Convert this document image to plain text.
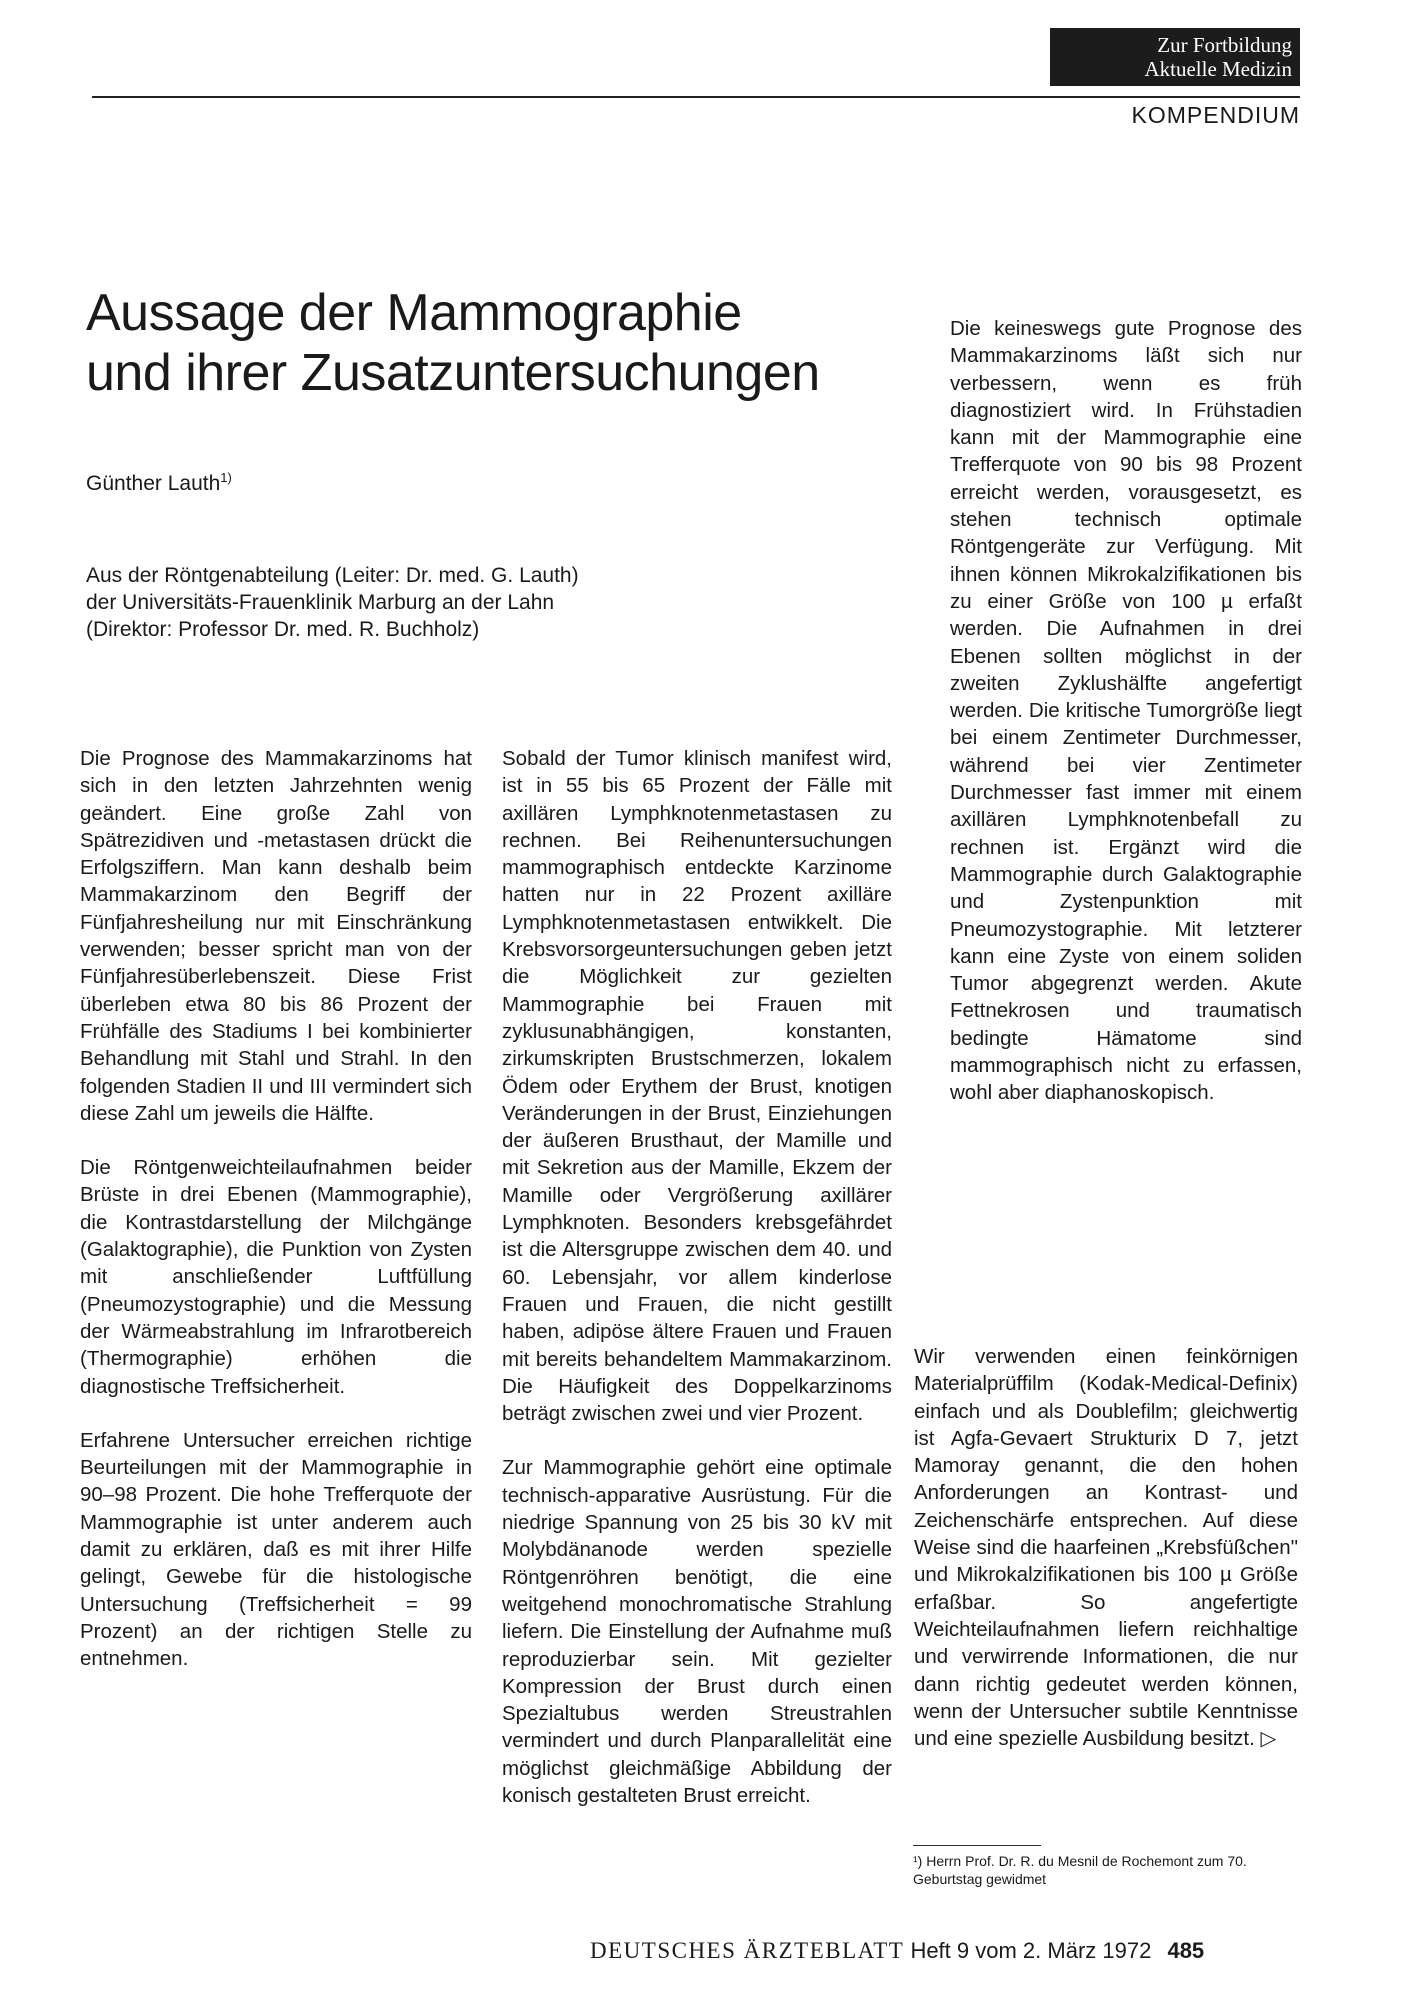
Zur Fortbildung
Aktuelle Medizin
KOMPENDIUM
Aussage der Mammographie
und ihrer Zusatzuntersuchungen
Günther Lauth$^{1)}$
Aus der Röntgenabteilung (Leiter: Dr. med. G. Lauth)
der Universitäts-Frauenklinik Marburg an der Lahn
(Direktor: Professor Dr. med. R. Buchholz)

Die Prognose des Mammakarzinoms hat sich in den letzten Jahrzehnten wenig geändert. Eine große Zahl von Spätrezidiven und -metastasen drückt die Erfolgsziffern. Man kann deshalb beim Mammakarzinom den Begriff der Fünfjahresheilung nur mit Einschränkung verwenden; besser spricht man von der Fünfjahresüberlebenszeit. Diese Frist überleben etwa 80 bis 86 Prozent der Frühfälle des Stadiums I bei kombinierter Behandlung mit Stahl und Strahl. In den folgenden Stadien II und III vermindert sich diese Zahl um jeweils die Hälfte.

Die Röntgenweichteilaufnahmen beider Brüste in drei Ebenen (Mammographie), die Kontrastdarstellung der Milchgänge (Galaktographie), die Punktion von Zysten mit anschließender Luftfüllung (Pneumozystographie) und die Messung der Wärmeabstrahlung im Infrarotbereich (Thermographie) erhöhen die diagnostische Treffsicherheit.

Erfahrene Untersucher erreichen richtige Beurteilungen mit der Mammographie in 90–98 Prozent. Die hohe Trefferquote der Mammographie ist unter anderem auch damit zu erklären, daß es mit ihrer Hilfe gelingt, Gewebe für die histologische Untersuchung (Treffsicherheit = 99 Prozent) an der richtigen Stelle zu entnehmen.

Sobald der Tumor klinisch manifest wird, ist in 55 bis 65 Prozent der Fälle mit axillären Lymphknotenmetastasen zu rechnen. Bei Reihenuntersuchungen mammographisch entdeckte Karzinome hatten nur in 22 Prozent axilläre Lymphknotenmetastasen entwikkelt. Die Krebsvorsorgeuntersuchungen geben jetzt die Möglichkeit zur gezielten Mammographie bei Frauen mit zyklusunabhängigen, konstanten, zirkumskripten Brustschmerzen, lokalem Ödem oder Erythem der Brust, knotigen Veränderungen in der Brust, Einziehungen der äußeren Brusthaut, der Mamille und mit Sekretion aus der Mamille, Ekzem der Mamille oder Vergrößerung axillärer Lymphknoten. Besonders krebsgefährdet ist die Altersgruppe zwischen dem 40. und 60. Lebensjahr, vor allem kinderlose Frauen und Frauen, die nicht gestillt haben, adipöse ältere Frauen und Frauen mit bereits behandeltem Mammakarzinom. Die Häufigkeit des Doppelkarzinoms beträgt zwischen zwei und vier Prozent.

Zur Mammographie gehört eine optimale technisch-apparative Ausrüstung. Für die niedrige Spannung von 25 bis 30 kV mit Molybdänanode werden spezielle Röntgenröhren benötigt, die eine weitgehend monochromatische Strahlung liefern. Die Einstellung der Aufnahme muß reproduzierbar sein. Mit gezielter Kompression der Brust durch einen Spezialtubus werden Streustrahlen vermindert und durch Planparallelität eine möglichst gleichmäßige Abbildung der konisch gestalteten Brust erreicht.

Die keineswegs gute Prognose des Mammakarzinoms läßt sich nur verbessern, wenn es früh diagnostiziert wird. In Frühstadien kann mit der Mammographie eine Trefferquote von 90 bis 98 Prozent erreicht werden, vorausgesetzt, es stehen technisch optimale Röntgengeräte zur Verfügung. Mit ihnen können Mikrokalzifikationen bis zu einer Größe von 100 µ erfaßt werden. Die Aufnahmen in drei Ebenen sollten möglichst in der zweiten Zyklushälfte angefertigt werden. Die kritische Tumorgröße liegt bei einem Zentimeter Durchmesser, während bei vier Zentimeter Durchmesser fast immer mit einem axillären Lymphknotenbefall zu rechnen ist. Ergänzt wird die Mammographie durch Galaktographie und Zystenpunktion mit Pneumozystographie. Mit letzterer kann eine Zyste von einem soliden Tumor abgegrenzt werden. Akute Fettnekrosen und traumatisch bedingte Hämatome sind mammographisch nicht zu erfassen, wohl aber diaphanoskopisch.

Wir verwenden einen feinkörnigen Materialprüffilm (Kodak-Medical-Definix) einfach und als Doublefilm; gleichwertig ist Agfa-Gevaert Strukturix D 7, jetzt Mamoray genannt, die den hohen Anforderungen an Kontrast- und Zeichenschärfe entsprechen. Auf diese Weise sind die haarfeinen „Krebsfüßchen" und Mikrokalzifikationen bis 100 µ Größe erfaßbar. So angefertigte Weichteilaufnahmen liefern reichhaltige und verwirrende Informationen, die nur dann richtig gedeutet werden können, wenn der Untersucher subtile Kenntnisse und eine spezielle Ausbildung besitzt. ▷

¹) Herrn Prof. Dr. R. du Mesnil de Rochemont zum 70. Geburtstag gewidmet
DEUTSCHES ÄRZTEBLATT Heft 9 vom 2. März 1972 485
